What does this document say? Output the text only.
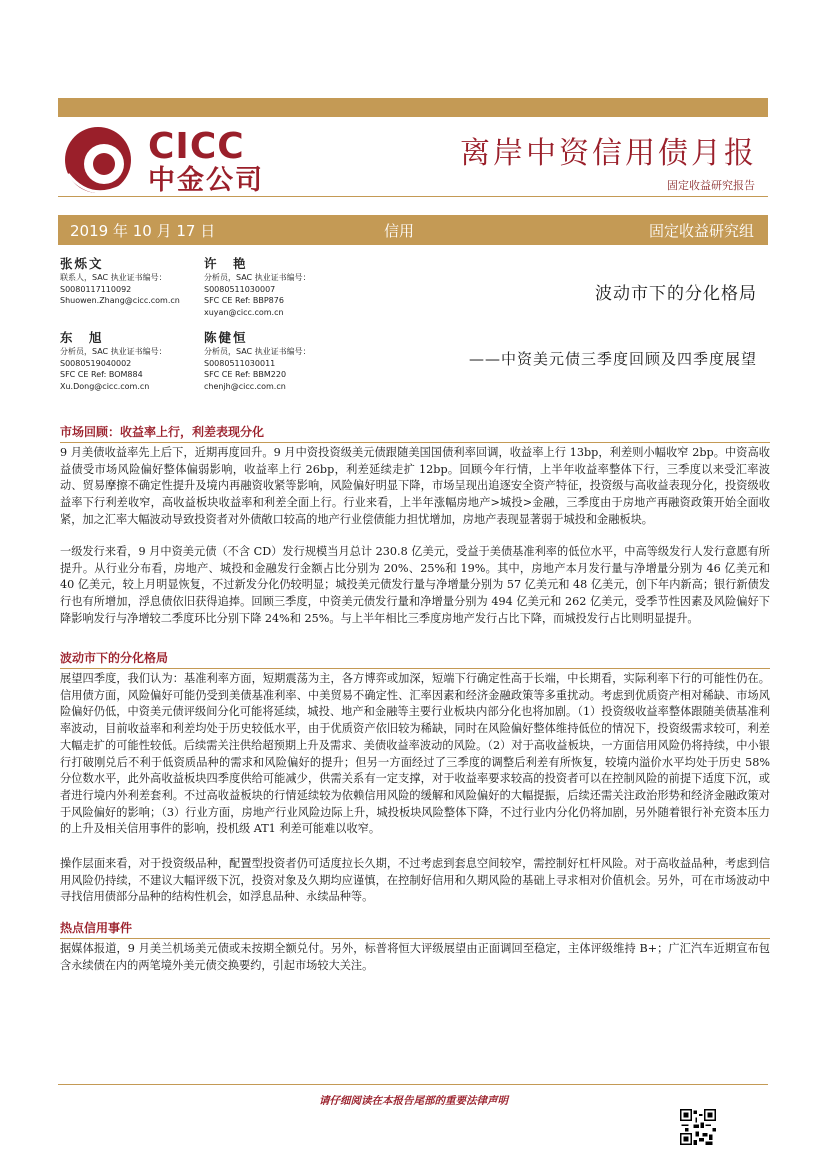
CICC
中金公司
离岸中资信用债月报
固定收益研究报告
2019 年 10 月 17 日	信用	固定收益研究组
张烁文
联系人，SAC 执业证书编号：
S0080117110092
Shuowen.Zhang@cicc.com.cn
许　艳
分析员，SAC 执业证书编号：
S0080511030007
SFC CE Ref: BBP876
xuyan@cicc.com.cn
东　旭
分析员，SAC 执业证书编号：
S0080519040002
SFC CE Ref: BOM884
Xu.Dong@cicc.com.cn
陈健恒
分析员，SAC 执业证书编号：
S0080511030011
SFC CE Ref: BBM220
chenjh@cicc.com.cn
波动市下的分化格局
——中资美元债三季度回顾及四季度展望
市场回顾：收益率上行，利差表现分化

9 月美债收益率先上后下，近期再度回升。9 月中资投资级美元债跟随美国国债利率回调，收益率上行 13bp，利差则小幅收窄 2bp。中资高收益债受市场风险偏好整体偏弱影响，收益率上行 26bp，利差延续走扩 12bp。回顾今年行情，上半年收益率整体下行，三季度以来受汇率波动、贸易摩擦不确定性提升及境内再融资收紧等影响，风险偏好明显下降，市场呈现出追逐安全资产特征，投资级与高收益表现分化，投资级收益率下行利差收窄，高收益板块收益率和利差全面上行。行业来看，上半年涨幅房地产>城投>金融，三季度由于房地产再融资政策开始全面收紧，加之汇率大幅波动导致投资者对外债敞口较高的地产行业偿债能力担忧增加，房地产表现显著弱于城投和金融板块。

一级发行来看，9 月中资美元债（不含 CD）发行规模当月总计 230.8 亿美元，受益于美债基准利率的低位水平，中高等级发行人发行意愿有所提升。从行业分布看，房地产、城投和金融发行金额占比分别为 20%、25%和 19%。其中，房地产本月发行量与净增量分别为 46 亿美元和 40 亿美元，较上月明显恢复，不过新发分化仍较明显；城投美元债发行量与净增量分别为 57 亿美元和 48 亿美元，创下年内新高；银行新债发行也有所增加，浮息债依旧获得追捧。回顾三季度，中资美元债发行量和净增量分别为 494 亿美元和 262 亿美元，受季节性因素及风险偏好下降影响发行与净增较二季度环比分别下降 24%和 25%。与上半年相比三季度房地产发行占比下降，而城投发行占比则明显提升。

波动市下的分化格局

展望四季度，我们认为：基准利率方面，短期震荡为主，各方博弈或加深，短端下行确定性高于长端，中长期看，实际利率下行的可能性仍在。信用债方面，风险偏好可能仍受到美债基准利率、中美贸易不确定性、汇率因素和经济金融政策等多重扰动。考虑到优质资产相对稀缺、市场风险偏好仍低，中资美元债评级间分化可能将延续，城投、地产和金融等主要行业板块内部分化也将加剧。（1）投资级收益率整体跟随美债基准利率波动，目前收益率和利差均处于历史较低水平，由于优质资产依旧较为稀缺，同时在风险偏好整体维持低位的情况下，投资级需求较可，利差大幅走扩的可能性较低。后续需关注供给超预期上升及需求、美债收益率波动的风险。（2）对于高收益板块，一方面信用风险仍将持续，中小银行打破刚兑后不利于低资质品种的需求和风险偏好的提升；但另一方面经过了三季度的调整后利差有所恢复，较境内溢价水平均处于历史 58%分位数水平，此外高收益板块四季度供给可能减少，供需关系有一定支撑，对于收益率要求较高的投资者可以在控制风险的前提下适度下沉，或者进行境内外利差套利。不过高收益板块的行情延续较为依赖信用风险的缓解和风险偏好的大幅提振，后续还需关注政治形势和经济金融政策对于风险偏好的影响；（3）行业方面，房地产行业风险边际上升，城投板块风险整体下降，不过行业内分化仍将加剧，另外随着银行补充资本压力的上升及相关信用事件的影响，投机级 AT1 利差可能难以收窄。

操作层面来看，对于投资级品种，配置型投资者仍可适度拉长久期，不过考虑到套息空间较窄，需控制好杠杆风险。对于高收益品种，考虑到信用风险仍持续，不建议大幅评级下沉，投资对象及久期均应谨慎，在控制好信用和久期风险的基础上寻求相对价值机会。另外，可在市场波动中寻找信用债部分品种的结构性机会，如浮息品种、永续品种等。

热点信用事件

据媒体报道，9 月美兰机场美元债或未按期全额兑付。另外，标普将恒大评级展望由正面调回至稳定，主体评级维持 B+；广汇汽车近期宣布包含永续债在内的两笔境外美元债交换要约，引起市场较大关注。

请仔细阅读在本报告尾部的重要法律声明
